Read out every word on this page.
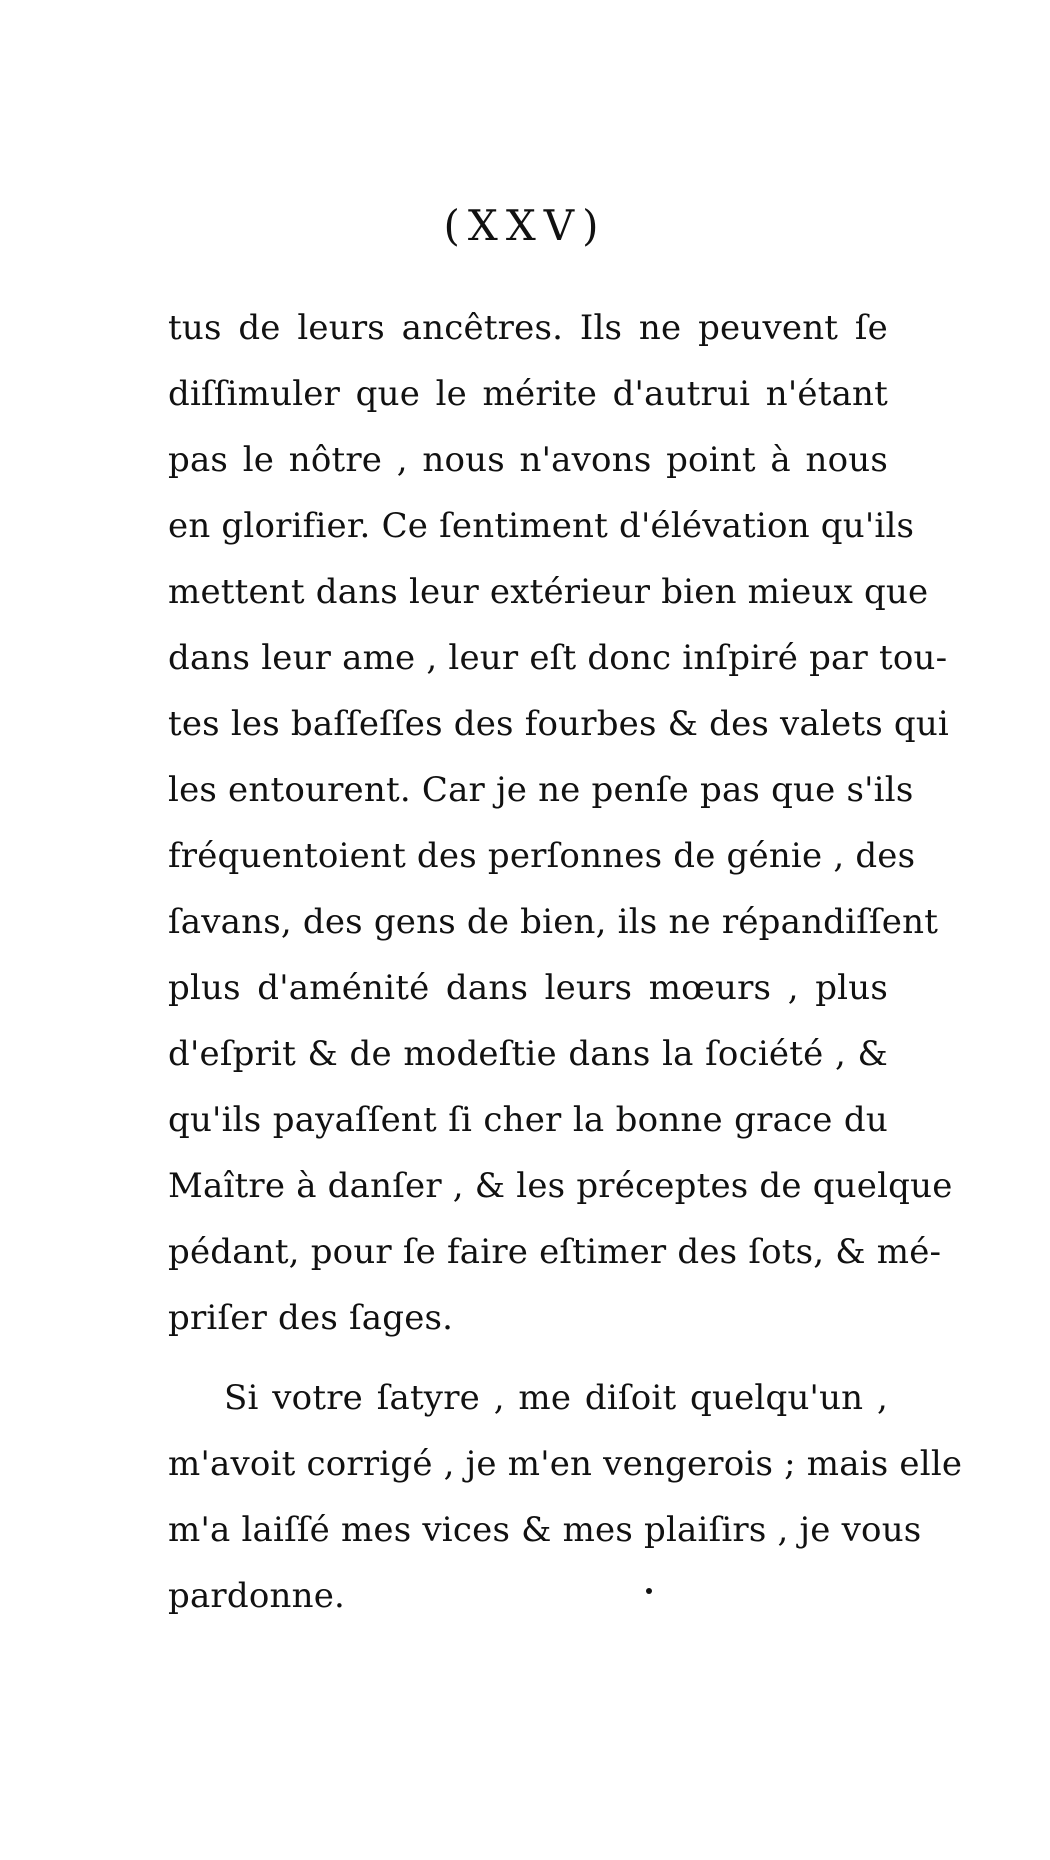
(XXV)
tus de leurs ancêtres. Ils ne peuvent ſe
diſſimuler que le mérite d'autrui n'étant
pas le nôtre , nous n'avons point à nous
en glorifier. Ce ſentiment d'élévation qu'ils
mettent dans leur extérieur bien mieux que
dans leur ame , leur eſt donc inſpiré par tou-
tes les baſſeſſes des fourbes & des valets qui
les entourent. Car je ne penſe pas que s'ils
fréquentoient des perſonnes de génie , des
ſavans, des gens de bien, ils ne répandiſſent
plus d'aménité dans leurs mœurs , plus
d'eſprit & de modeſtie dans la ſociété , &
qu'ils payaſſent ſi cher la bonne grace du
Maître à danſer , & les préceptes de quelque
pédant, pour ſe faire eſtimer des ſots, & mé-
priſer des ſages.
Si votre ſatyre , me diſoit quelqu'un ,
m'avoit corrigé , je m'en vengerois ; mais elle
m'a laiſſé mes vices & mes plaiſirs , je vous
pardonne.
